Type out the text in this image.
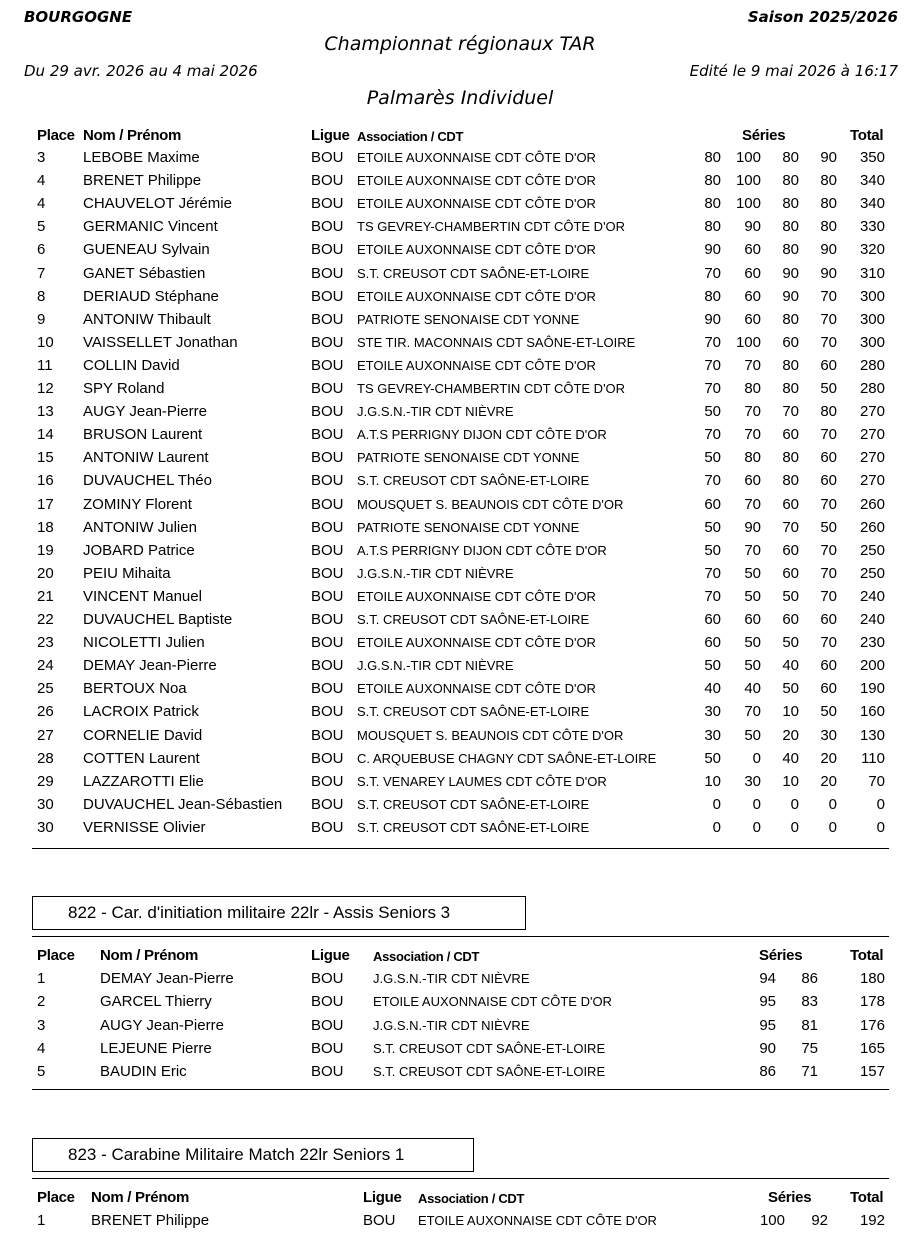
BOURGOGNE	Saison 2025/2026
Championnat régionaux TAR
Du 29 avr. 2026 au 4 mai 2026	Edité le 9 mai 2026 à 16:17
Palmarès Individuel
Place Nom / Prénom	Ligue Association / CDT	Séries	Total
3	LEBOBE Maxime	BOU ETOILE AUXONNAISE CDT CÔTE D'OR	80 100 80 90 350
4	BRENET Philippe	BOU ETOILE AUXONNAISE CDT CÔTE D'OR	80 100 80 80 340
4	CHAUVELOT Jérémie	BOU ETOILE AUXONNAISE CDT CÔTE D'OR	80 100 80 80 340
5	GERMANIC Vincent	BOU TS GEVREY-CHAMBERTIN CDT CÔTE D'OR	80 90 80 80 330
6	GUENEAU Sylvain	BOU ETOILE AUXONNAISE CDT CÔTE D'OR	90 60 80 90 320
7	GANET Sébastien	BOU S.T. CREUSOT CDT SAÔNE-ET-LOIRE	70 60 90 90 310
8	DERIAUD Stéphane	BOU ETOILE AUXONNAISE CDT CÔTE D'OR	80 60 90 70 300
9	ANTONIW Thibault	BOU PATRIOTE SENONAISE CDT YONNE	90 60 80 70 300
10 VAISSELLET Jonathan	BOU STE TIR. MACONNAIS CDT SAÔNE-ET-LOIRE	70 100 60 70 300
11 COLLIN David	BOU ETOILE AUXONNAISE CDT CÔTE D'OR	70 70 80 60 280
12 SPY Roland	BOU TS GEVREY-CHAMBERTIN CDT CÔTE D'OR	70 80 80 50 280
13 AUGY Jean-Pierre	BOU J.G.S.N.-TIR CDT NIÈVRE	50 70 70 80 270
14 BRUSON Laurent	BOU A.T.S PERRIGNY DIJON CDT CÔTE D'OR	70 70 60 70 270
15 ANTONIW Laurent	BOU PATRIOTE SENONAISE CDT YONNE	50 80 80 60 270
16 DUVAUCHEL Théo	BOU S.T. CREUSOT CDT SAÔNE-ET-LOIRE	70 60 80 60 270
17 ZOMINY Florent	BOU MOUSQUET S. BEAUNOIS CDT CÔTE D'OR	60 70 60 70 260
18 ANTONIW Julien	BOU PATRIOTE SENONAISE CDT YONNE	50 90 70 50 260
19 JOBARD Patrice	BOU A.T.S PERRIGNY DIJON CDT CÔTE D'OR	50 70 60 70 250
20 PEIU Mihaita	BOU J.G.S.N.-TIR CDT NIÈVRE	70 50 60 70 250
21 VINCENT Manuel	BOU ETOILE AUXONNAISE CDT CÔTE D'OR	70 50 50 70 240
22 DUVAUCHEL Baptiste	BOU S.T. CREUSOT CDT SAÔNE-ET-LOIRE	60 60 60 60 240
23 NICOLETTI Julien	BOU ETOILE AUXONNAISE CDT CÔTE D'OR	60 50 50 70 230
24 DEMAY Jean-Pierre	BOU J.G.S.N.-TIR CDT NIÈVRE	50 50 40 60 200
25 BERTOUX Noa	BOU ETOILE AUXONNAISE CDT CÔTE D'OR	40 40 50 60 190
26 LACROIX Patrick	BOU S.T. CREUSOT CDT SAÔNE-ET-LOIRE	30 70 10 50 160
27 CORNELIE David	BOU MOUSQUET S. BEAUNOIS CDT CÔTE D'OR	30 50 20 30 130
28 COTTEN Laurent	BOU C. ARQUEBUSE CHAGNY CDT SAÔNE-ET-LOIRE	50 0 40 20 110
29 LAZZAROTTI Elie	BOU S.T. VENAREY LAUMES CDT CÔTE D'OR	10 30 10 20 70
30 DUVAUCHEL Jean-Sébastien BOU S.T. CREUSOT CDT SAÔNE-ET-LOIRE	0 0 0 0	0
30 VERNISSE Olivier	BOU S.T. CREUSOT CDT SAÔNE-ET-LOIRE	0 0 0 0	0
822 - Car. d'initiation militaire 22lr - Assis Seniors 3
Place Nom / Prénom	Ligue Association / CDT	Séries	Total
1	DEMAY Jean-Pierre	BOU J.G.S.N.-TIR CDT NIÈVRE	94 86	180
2	GARCEL Thierry	BOU ETOILE AUXONNAISE CDT CÔTE D'OR	95 83	178
3	AUGY Jean-Pierre	BOU J.G.S.N.-TIR CDT NIÈVRE	95 81	176
4	LEJEUNE Pierre	BOU S.T. CREUSOT CDT SAÔNE-ET-LOIRE	90 75	165
5	BAUDIN Eric	BOU S.T. CREUSOT CDT SAÔNE-ET-LOIRE	86 71	157
823 - Carabine Militaire Match 22lr Seniors 1
Place Nom / Prénom	Ligue Association / CDT	Séries	Total
1	BRENET Philippe	BOU ETOILE AUXONNAISE CDT CÔTE D'OR	100 92 192
